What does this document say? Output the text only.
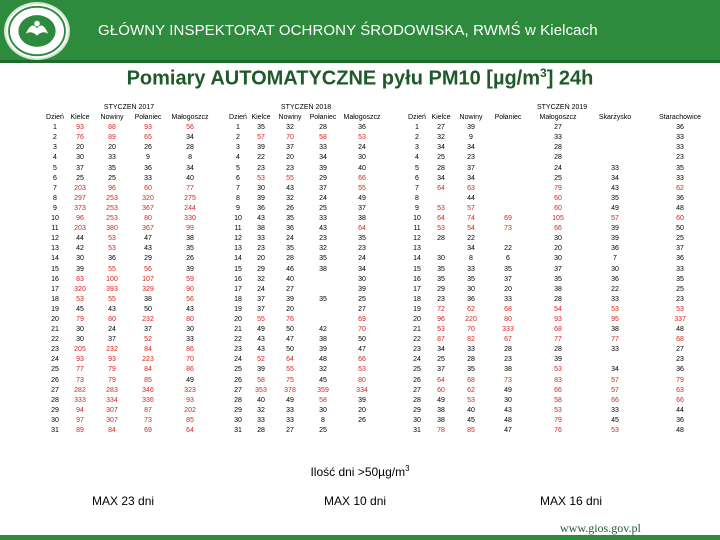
GŁÓWNY INSPEKTORAT OCHRONY ŚRODOWISKA, RWMŚ w Kielcach
Pomiary AUTOMATYCZNE pyłu PM10 $[\mu g/m^3]$ 24h
STYCZEŃ 2017				
Dzień	Kielce	Nowiny	Połaniec	Małogoszcz
1	93	88	93	56
2	76	89	65	34
3	20	20	26	28
4	30	33	9	8
5	37	35	36	34
6	25	25	33	40
7	203	96	60	77
8	297	253	320	275
9	373	253	367	244
10	96	253	80	330
11	203	380	367	99
12	44	53	47	38
13	42	53	43	35
14	30	36	29	26
15	39	55	56	39
16	83	100	107	59
17	320	393	329	90
18	53	55	38	56
19	45	43	50	43
20	79	80	232	80
21	30	24	37	30
22	30	37	52	33
23	205	232	84	86
24	93	93	223	70
25	77	79	84	86
26	73	79	85	49
27	282	283	346	323
28	333	334	336	93
29	94	307	87	202
30	97	307	73	85
31	89	84	69	64
STYCZEŃ 2018				
Dzień	Kielce	Nowiny	Połaniec	Małogoszcz
1	35	32	28	36
2	57	70	58	53
3	39	37	33	24
4	22	20	34	30
5	23	23	39	40
6	53	55	29	66
7	30	43	37	55
8	39	32	24	49
9	36	26	25	37
10	43	35	33	38
11	38	36	43	64
12	33	24	23	35
13	23	35	32	23
14	20	28	35	24
15	29	46	38	34
16	32	40		30
17	24	27		39
18	37	39	35	25
19	37	20		27
20	55	76		69
21	49	50	42	70
22	43	47	38	50
23	43	50	39	47
24	52	64	48	66
25	39	55	32	53
26	58	75	45	80
27	353	378	359	334
28	40	49	58	39
29	32	33	30	20
30	33	33	8	26
31	28	27	25	
STYCZEŃ 2019						
Dzień	Kielce	Nowiny	Połaniec	Małogoszcz	Skarżysko	Starachowice
1	27	39		27		36
2	32	9		33		33
3	34	34		28		33
4	25	23		28		23
5	28	37		24	33	35
6	34	34		25	34	33
7	64	63		79	43	62
8		44		60	35	36
9	53	57		60	49	48
10	64	74	69	105	57	60
11	53	54	73	66	39	50
12	28	22		30	39	25
13		34	22	20	36	37
14	30	8	6	30	7	36
15	35	33	35	37	30	33
16	35	35	37	35	36	35
17	29	30	20	38	22	25
18	23	36	33	28	33	23
19	72	62	68	54	53	53
20	96	220	80	93	95	337
21	53	70	333	68	38	48
22	87	82	67	77	77	68
23	34	33	28	28	33	27
24	25	28	23	39		23
25	37	35	38	53	34	36
26	64	68	73	83	57	79
27	60	62	49	66	57	63
28	49	53	30	58	66	66
29	38	40	43	53	33	44
30	38	45	48	79	45	36
31	78	85	47	76	53	48
Ilość dni $>50\mu g/m^3$
MAX 23 dni	MAX 10 dni	MAX 16 dni
www.gios.gov.pl
